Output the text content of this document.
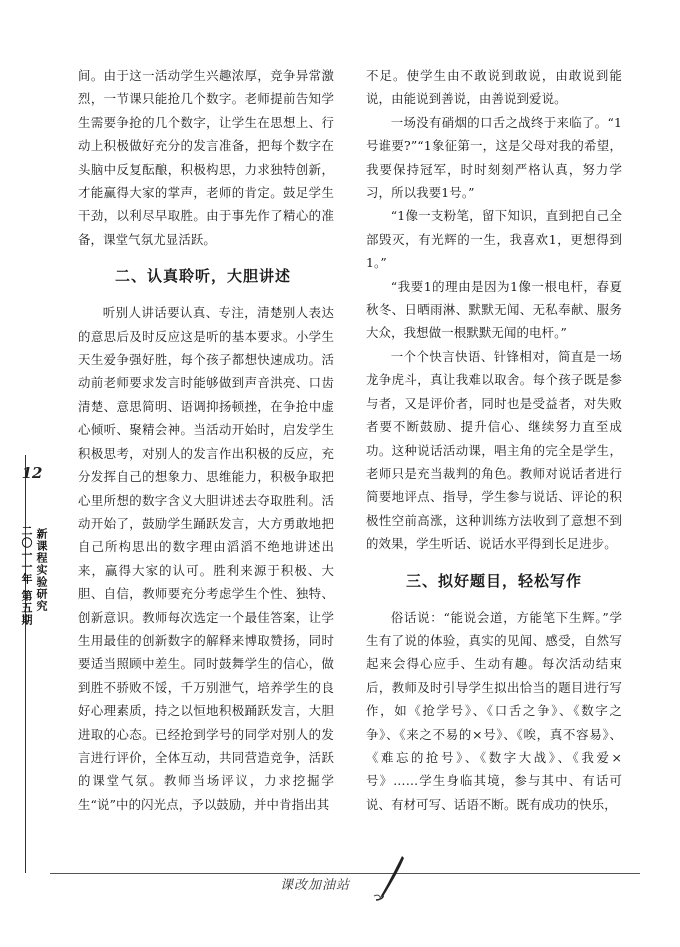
间。由于这一活动学生兴趣浓厚，竞争异常激烈，一节课只能抢几个数字。老师提前告知学生需要争抢的几个数字，让学生在思想上、行动上积极做好充分的发言准备，把每个数字在头脑中反复酝酿，积极构思，力求独特创新，才能赢得大家的掌声，老师的肯定。鼓足学生干劲，以利尽早取胜。由于事先作了精心的准备，课堂气氛尤显活跃。

二、认真聆听，大胆讲述

听别人讲话要认真、专注，清楚别人表达的意思后及时反应这是听的基本要求。小学生天生爱争强好胜，每个孩子都想快速成功。活动前老师要求发言时能够做到声音洪亮、口齿清楚、意思简明、语调抑扬顿挫，在争抢中虚心倾听、聚精会神。当活动开始时，启发学生积极思考，对别人的发言作出积极的反应，充分发挥自己的想象力、思维能力，积极争取把心里所想的数字含义大胆讲述去夺取胜利。活动开始了，鼓励学生踊跃发言，大方勇敢地把自己所构思出的数字理由滔滔不绝地讲述出来，赢得大家的认可。胜利来源于积极、大胆、自信，教师要充分考虑学生个性、独特、创新意识。教师每次选定一个最佳答案，让学生用最佳的创新数字的解释来博取赞扬，同时要适当照顾中差生。同时鼓舞学生的信心，做到胜不骄败不馁，千万别泄气，培养学生的良好心理素质，持之以恒地积极踊跃发言，大胆进取的心态。已经抢到学号的同学对别人的发言进行评价，全体互动，共同营造竞争，活跃的课堂气氛。教师当场评议，力求挖掘学生“说”中的闪光点，予以鼓励，并中肯指出其

不足。使学生由不敢说到敢说，由敢说到能说，由能说到善说，由善说到爱说。

一场没有硝烟的口舌之战终于来临了。“1号谁要?”“1象征第一，这是父母对我的希望，我要保持冠军，时时刻刻严格认真，努力学习，所以我要1号。”

“1像一支粉笔，留下知识，直到把自己全部毁灭，有光辉的一生，我喜欢1，更想得到1。”

“我要1的理由是因为1像一根电杆，春夏秋冬、日晒雨淋、默默无闻、无私奉献、服务大众，我想做一根默默无闻的电杆。”

一个个快言快语、针锋相对，简直是一场龙争虎斗，真让我难以取舍。每个孩子既是参与者，又是评价者，同时也是受益者，对失败者要不断鼓励、提升信心、继续努力直至成功。这种说话活动课，唱主角的完全是学生，老师只是充当裁判的角色。教师对说话者进行简要地评点、指导，学生参与说话、评论的积极性空前高涨，这种训练方法收到了意想不到的效果，学生听话、说话水平得到长足进步。

三、拟好题目，轻松写作

俗话说：“能说会道，方能笔下生辉。”学生有了说的体验，真实的见闻、感受，自然写起来会得心应手、生动有趣。每次活动结束后，教师及时引导学生拟出恰当的题目进行写作，如《抢学号》、《口舌之争》、《数字之争》、《来之不易的×号》、《唉，真不容易》、《难忘的抢号》、《数字大战》、《我爱×号》……学生身临其境，参与其中、有话可说、有材可写、话语不断。既有成功的快乐，

12
新课程实验研究
二〇一一年 第五期
课改加油站
